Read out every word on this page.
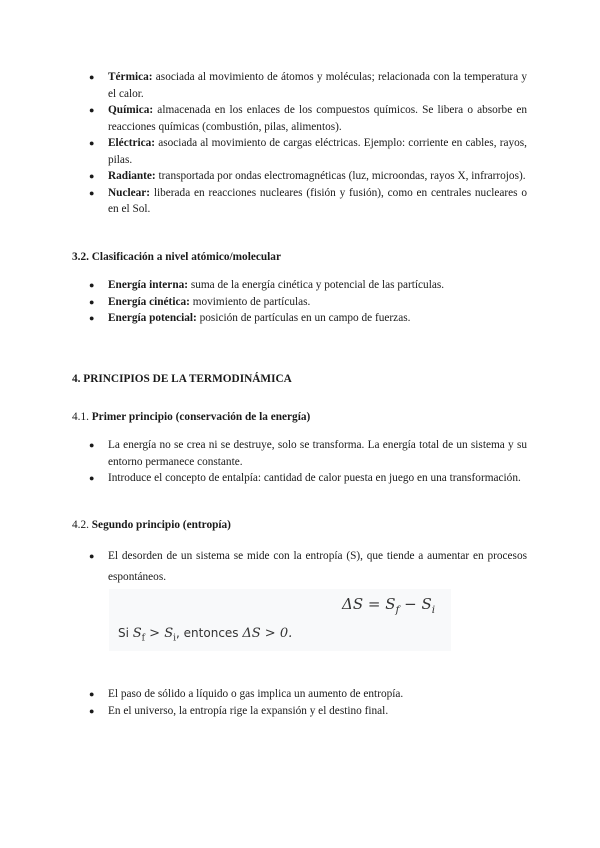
● Térmica: asociada al movimiento de átomos y moléculas; relacionada con la temperatura y el calor.
● Química: almacenada en los enlaces de los compuestos químicos. Se libera o absorbe en reacciones químicas (combustión, pilas, alimentos).
● Eléctrica: asociada al movimiento de cargas eléctricas. Ejemplo: corriente en cables, rayos, pilas.
● Radiante: transportada por ondas electromagnéticas (luz, microondas, rayos X, infrarrojos).
● Nuclear: liberada en reacciones nucleares (fisión y fusión), como en centrales nucleares o en el Sol.
3.2. Clasificación a nivel atómico/molecular
● Energía interna: suma de la energía cinética y potencial de las partículas.
● Energía cinética: movimiento de partículas.
● Energía potencial: posición de partículas en un campo de fuerzas.
4. PRINCIPIOS DE LA TERMODINÁMICA
4.1. Primer principio (conservación de la energía)
● La energía no se crea ni se destruye, solo se transforma. La energía total de un sistema y su entorno permanece constante.
● Introduce el concepto de entalpía: cantidad de calor puesta en juego en una transformación.
4.2. Segundo principio (entropía)
● El desorden de un sistema se mide con la entropía (S), que tiende a aumentar en procesos espontáneos.
$\Delta S = S_f - S_i$
Si $S_f > S_i$, entonces ΔS > 0.
● El paso de sólido a líquido o gas implica un aumento de entropía.
● En el universo, la entropía rige la expansión y el destino final.
